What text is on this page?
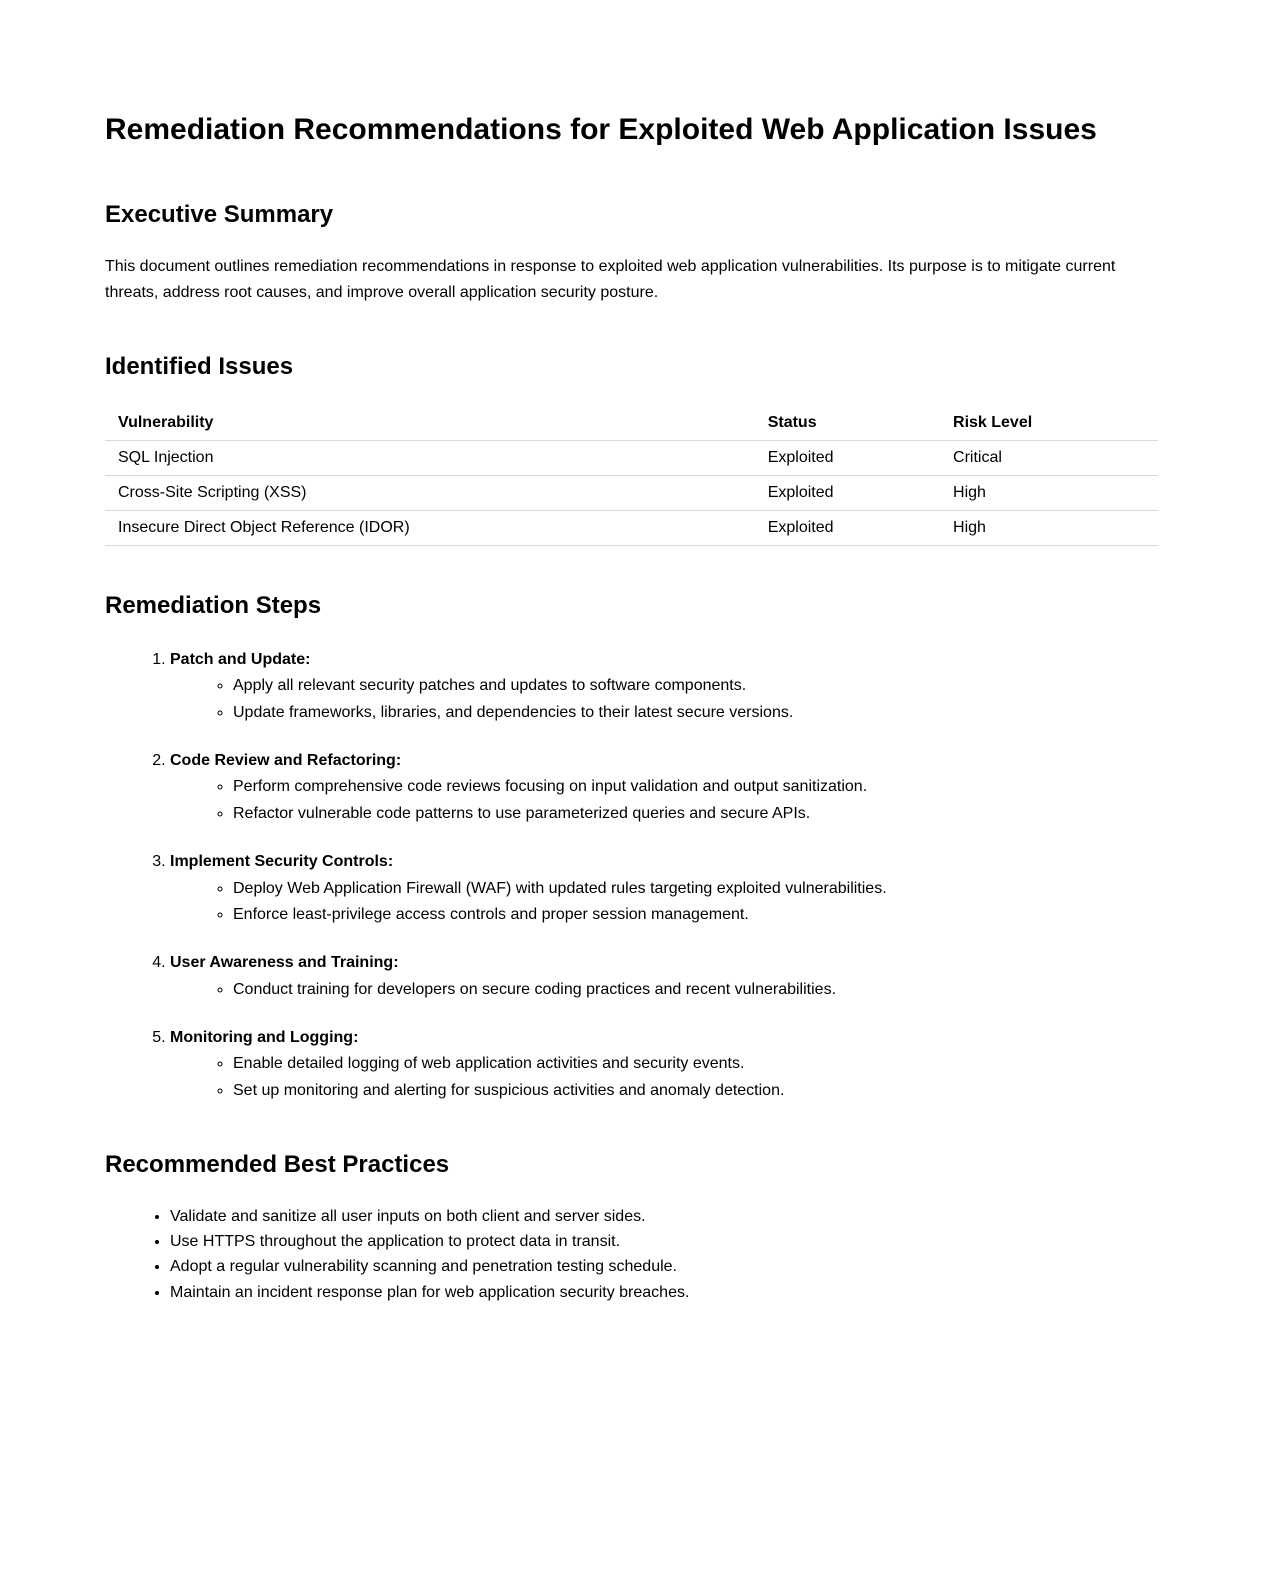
Remediation Recommendations for Exploited Web Application Issues
Executive Summary

This document outlines remediation recommendations in response to exploited web application vulnerabilities. Its purpose is to mitigate current threats, address root causes, and improve overall application security posture.

Identified Issues
Vulnerability	Status	Risk Level
SQL Injection	Exploited	Critical
Cross-Site Scripting (XSS)	Exploited	High
Insecure Direct Object Reference (IDOR)	Exploited	High
Remediation Steps
1. Patch and Update:
◦ Apply all relevant security patches and updates to software components.
◦ Update frameworks, libraries, and dependencies to their latest secure versions.
2. Code Review and Refactoring:
◦ Perform comprehensive code reviews focusing on input validation and output sanitization.
◦ Refactor vulnerable code patterns to use parameterized queries and secure APIs.
3. Implement Security Controls:
◦ Deploy Web Application Firewall (WAF) with updated rules targeting exploited vulnerabilities.
◦ Enforce least-privilege access controls and proper session management.
4. User Awareness and Training:
◦ Conduct training for developers on secure coding practices and recent vulnerabilities.
5. Monitoring and Logging:
◦ Enable detailed logging of web application activities and security events.
◦ Set up monitoring and alerting for suspicious activities and anomaly detection.
Recommended Best Practices
• Validate and sanitize all user inputs on both client and server sides.
• Use HTTPS throughout the application to protect data in transit.
• Adopt a regular vulnerability scanning and penetration testing schedule.
• Maintain an incident response plan for web application security breaches.
